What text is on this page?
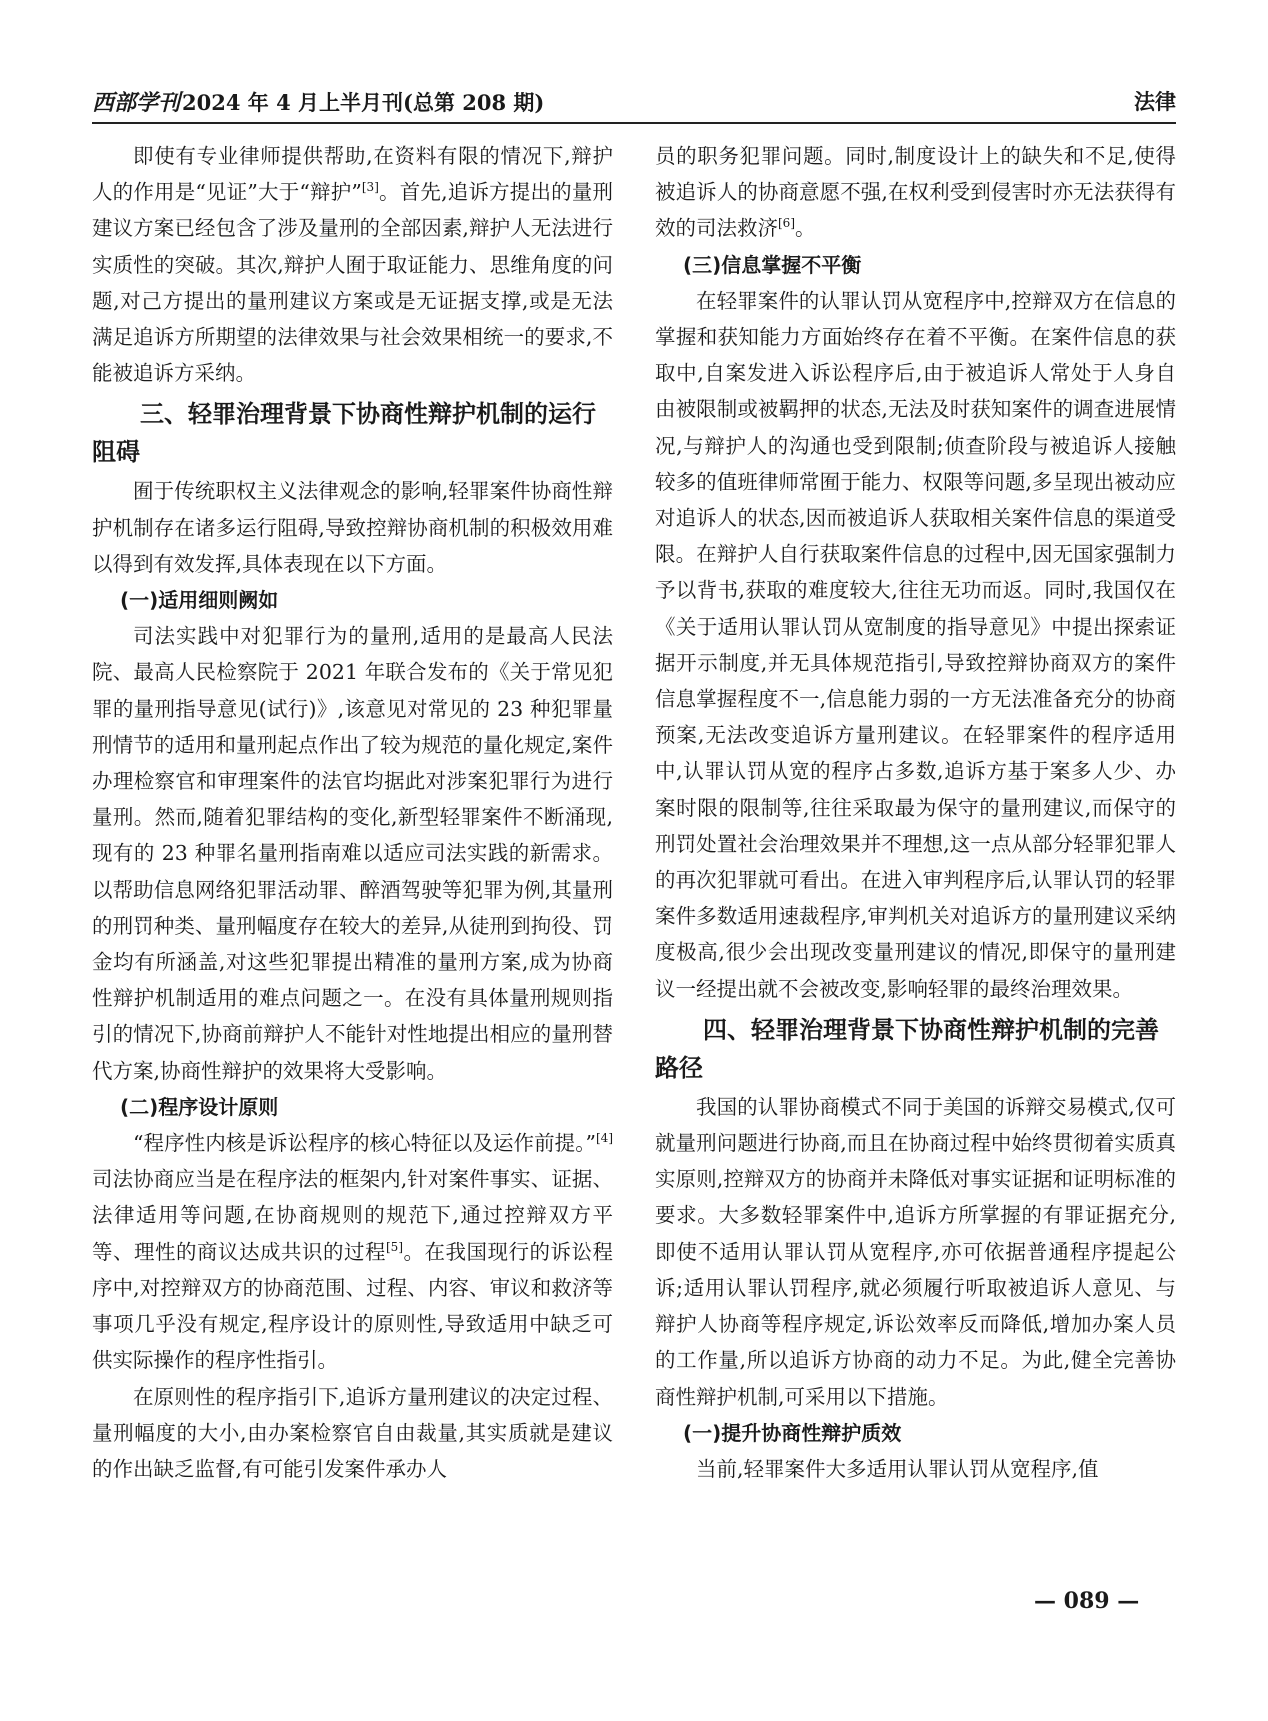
西部学刊2024 年 4 月上半月刊(总第 208 期)	法律

即使有专业律师提供帮助,在资料有限的情况下,辩护人的作用是“见证”大于“辩护”[3]。首先,追诉方提出的量刑建议方案已经包含了涉及量刑的全部因素,辩护人无法进行实质性的突破。其次,辩护人囿于取证能力、思维角度的问题,对己方提出的量刑建议方案或是无证据支撑,或是无法满足追诉方所期望的法律效果与社会效果相统一的要求,不能被追诉方采纳。

三、轻罪治理背景下协商性辩护机制的运行阻碍

囿于传统职权主义法律观念的影响,轻罪案件协商性辩护机制存在诸多运行阻碍,导致控辩协商机制的积极效用难以得到有效发挥,具体表现在以下方面。

(一)适用细则阙如

司法实践中对犯罪行为的量刑,适用的是最高人民法院、最高人民检察院于 2021 年联合发布的《关于常见犯罪的量刑指导意见(试行)》,该意见对常见的 23 种犯罪量刑情节的适用和量刑起点作出了较为规范的量化规定,案件办理检察官和审理案件的法官均据此对涉案犯罪行为进行量刑。然而,随着犯罪结构的变化,新型轻罪案件不断涌现,现有的 23 种罪名量刑指南难以适应司法实践的新需求。以帮助信息网络犯罪活动罪、醉酒驾驶等犯罪为例,其量刑的刑罚种类、量刑幅度存在较大的差异,从徒刑到拘役、罚金均有所涵盖,对这些犯罪提出精准的量刑方案,成为协商性辩护机制适用的难点问题之一。在没有具体量刑规则指引的情况下,协商前辩护人不能针对性地提出相应的量刑替代方案,协商性辩护的效果将大受影响。

(二)程序设计原则

“程序性内核是诉讼程序的核心特征以及运作前提。”[4]司法协商应当是在程序法的框架内,针对案件事实、证据、法律适用等问题,在协商规则的规范下,通过控辩双方平等、理性的商议达成共识的过程[5]。在我国现行的诉讼程序中,对控辩双方的协商范围、过程、内容、审议和救济等事项几乎没有规定,程序设计的原则性,导致适用中缺乏可供实际操作的程序性指引。

在原则性的程序指引下,追诉方量刑建议的决定过程、量刑幅度的大小,由办案检察官自由裁量,其实质就是建议的作出缺乏监督,有可能引发案件承办人

员的职务犯罪问题。同时,制度设计上的缺失和不足,使得被追诉人的协商意愿不强,在权利受到侵害时亦无法获得有效的司法救济[6]。

(三)信息掌握不平衡

在轻罪案件的认罪认罚从宽程序中,控辩双方在信息的掌握和获知能力方面始终存在着不平衡。在案件信息的获取中,自案发进入诉讼程序后,由于被追诉人常处于人身自由被限制或被羁押的状态,无法及时获知案件的调查进展情况,与辩护人的沟通也受到限制;侦查阶段与被追诉人接触较多的值班律师常囿于能力、权限等问题,多呈现出被动应对追诉人的状态,因而被追诉人获取相关案件信息的渠道受限。在辩护人自行获取案件信息的过程中,因无国家强制力予以背书,获取的难度较大,往往无功而返。同时,我国仅在《关于适用认罪认罚从宽制度的指导意见》中提出探索证据开示制度,并无具体规范指引,导致控辩协商双方的案件信息掌握程度不一,信息能力弱的一方无法准备充分的协商预案,无法改变追诉方量刑建议。在轻罪案件的程序适用中,认罪认罚从宽的程序占多数,追诉方基于案多人少、办案时限的限制等,往往采取最为保守的量刑建议,而保守的刑罚处置社会治理效果并不理想,这一点从部分轻罪犯罪人的再次犯罪就可看出。在进入审判程序后,认罪认罚的轻罪案件多数适用速裁程序,审判机关对追诉方的量刑建议采纳度极高,很少会出现改变量刑建议的情况,即保守的量刑建议一经提出就不会被改变,影响轻罪的最终治理效果。

四、轻罪治理背景下协商性辩护机制的完善路径

我国的认罪协商模式不同于美国的诉辩交易模式,仅可就量刑问题进行协商,而且在协商过程中始终贯彻着实质真实原则,控辩双方的协商并未降低对事实证据和证明标准的要求。大多数轻罪案件中,追诉方所掌握的有罪证据充分,即使不适用认罪认罚从宽程序,亦可依据普通程序提起公诉;适用认罪认罚程序,就必须履行听取被追诉人意见、与辩护人协商等程序规定,诉讼效率反而降低,增加办案人员的工作量,所以追诉方协商的动力不足。为此,健全完善协商性辩护机制,可采用以下措施。

(一)提升协商性辩护质效

当前,轻罪案件大多适用认罪认罚从宽程序,值

— 089 —
